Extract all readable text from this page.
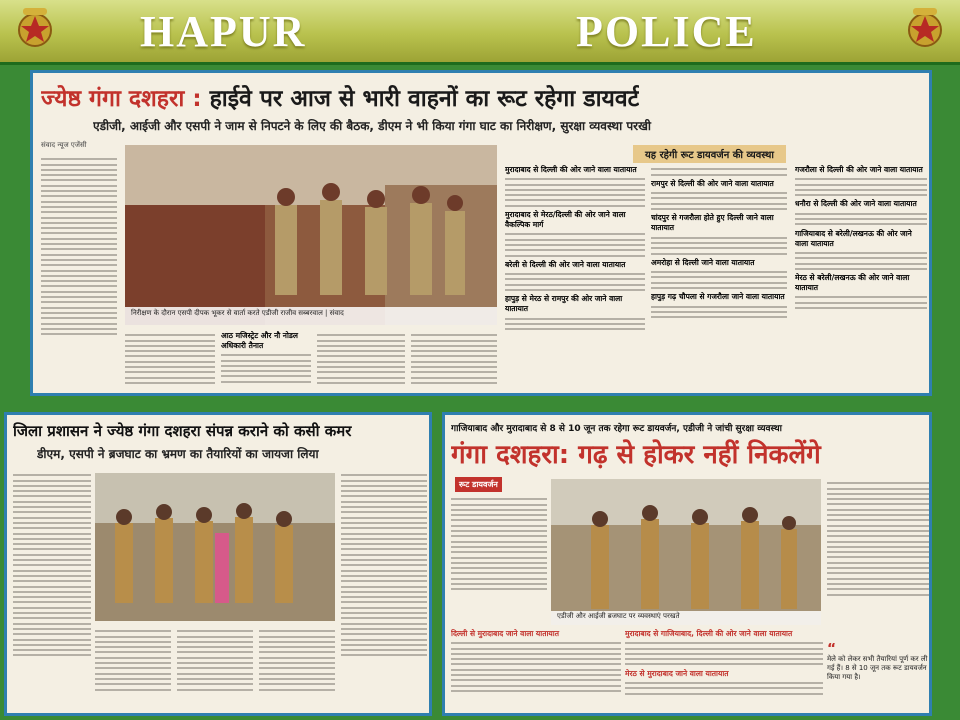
HAPUR	POLICE
ज्येष्ठ गंगा दशहरा : हाईवे पर आज से भारी वाहनों का रूट रहेगा डायवर्ट
एडीजी, आईजी और एसपी ने जाम से निपटने के लिए की बैठक, डीएम ने भी किया गंगा घाट का निरीक्षण, सुरक्षा व्यवस्था परखी
संवाद न्यूज एजेंसी
निरीक्षण के दौरान एसपी दीपक भूकर से वार्ता करते एडीजी राजीव सब्बरवाल | संवाद
आठ मजिस्ट्रेट और नौ नोडल अधिकारी तैनात
यह रहेगी रूट डायवर्जन की व्यवस्था
मुरादाबाद से दिल्ली की ओर जाने वाला यातायात
मुरादाबाद से मेरठ/दिल्ली की ओर जाने वाला वैकल्पिक मार्ग
बरेली से दिल्ली की ओर जाने वाला यातायात
हापुड़ से मेरठ से रामपुर की ओर जाने वाला यातायात
रामपुर से दिल्ली की ओर जाने वाला यातायात
चांदपुर से गजरौला होते हुए दिल्ली जाने वाला यातायात
अमरोहा से दिल्ली जाने वाला यातायात
हापुड़ गढ़ चौपला से गजरौला जाने वाला यातायात
गजरौला से दिल्ली की ओर जाने वाला यातायात
धनौरा से दिल्ली की ओर जाने वाला यातायात
गाजियाबाद से बरेली/लखनऊ की ओर जाने वाला यातायात
मेरठ से बरेली/लखनऊ की ओर जाने वाला यातायात
जिला प्रशासन ने ज्येष्ठ गंगा दशहरा संपन्न कराने को कसी कमर
डीएम, एसपी ने ब्रजघाट का भ्रमण का तैयारियों का जायजा लिया
गाजियाबाद और मुरादाबाद से 8 से 10 जून तक रहेगा रूट डायवर्जन, एडीजी ने जांची सुरक्षा व्यवस्था
गंगा दशहरा: गढ़ से होकर नहीं निकलेंगे
रूट डायवर्जन
एडीजी और आईजी ब्रजघाट पर व्यवस्थाएं परखते
दिल्ली से मुरादाबाद जाने वाला यातायात	मुरादाबाद से गाजियाबाद, दिल्ली की ओर जाने वाला यातायात
मेरठ से मुरादाबाद जाने वाला यातायात
“
मेले को लेकर सभी तैयारियां पूर्ण कर ली गई हैं। 8 से 10 जून तक रूट डायवर्जन किया गया है।
